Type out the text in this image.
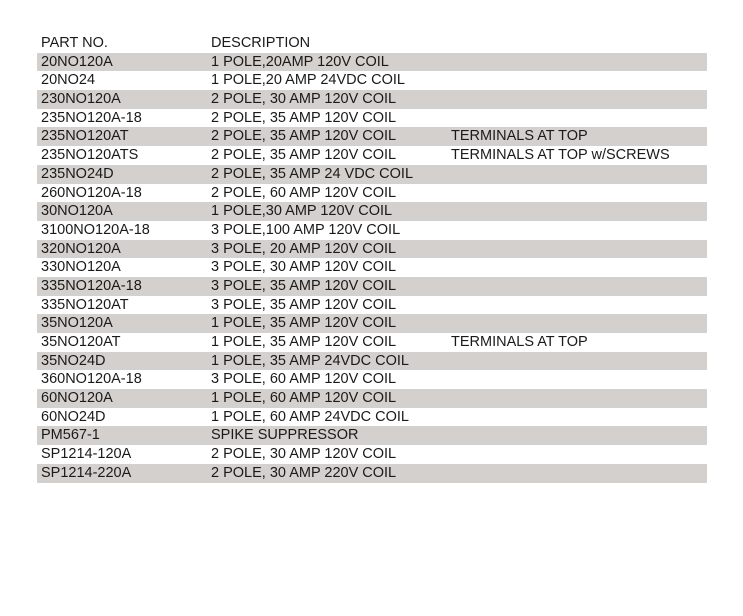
PART NO.	DESCRIPTION
20NO120A	1 POLE,20AMP 120V COIL
20NO24	1 POLE,20 AMP 24VDC COIL
230NO120A	2 POLE, 30 AMP 120V COIL
235NO120A-18	2 POLE, 35 AMP 120V COIL
235NO120AT	2 POLE, 35 AMP 120V COIL	TERMINALS AT TOP
235NO120ATS	2 POLE, 35 AMP 120V COIL	TERMINALS AT TOP w/SCREWS
235NO24D	2 POLE, 35 AMP 24 VDC COIL
260NO120A-18	2 POLE, 60 AMP 120V COIL
30NO120A	1 POLE,30 AMP 120V COIL
3100NO120A-18	3 POLE,100 AMP 120V COIL
320NO120A	3 POLE, 20 AMP 120V COIL
330NO120A	3 POLE, 30 AMP 120V COIL
335NO120A-18	3 POLE, 35 AMP 120V COIL
335NO120AT	3 POLE, 35 AMP 120V COIL
35NO120A	1 POLE, 35 AMP 120V COIL
35NO120AT	1 POLE, 35 AMP 120V COIL	TERMINALS AT TOP
35NO24D	1 POLE, 35 AMP 24VDC COIL
360NO120A-18	3 POLE, 60 AMP 120V COIL
60NO120A	1 POLE, 60 AMP 120V COIL
60NO24D	1 POLE, 60 AMP 24VDC COIL
PM567-1	SPIKE SUPPRESSOR
SP1214-120A	2 POLE, 30 AMP 120V COIL
SP1214-220A	2 POLE, 30 AMP 220V COIL
